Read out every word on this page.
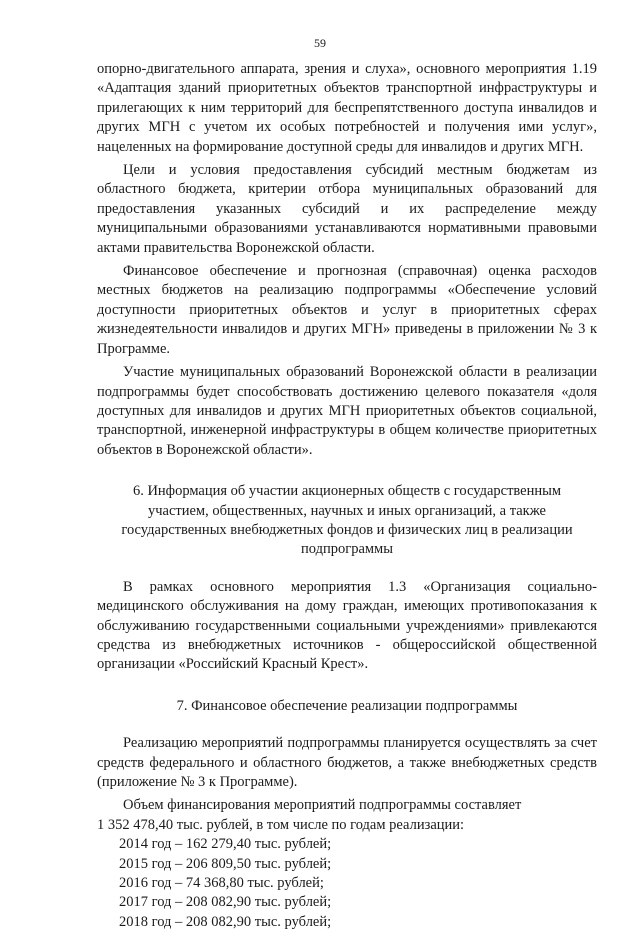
59

опорно-двигательного аппарата, зрения и слуха», основного мероприятия 1.19 «Адаптация зданий приоритетных объектов транспортной инфраструктуры и прилегающих к ним территорий для беспрепятственного доступа инвалидов и других МГН с учетом их особых потребностей и получения ими услуг», нацеленных на формирование доступной среды для инвалидов и других МГН.

Цели и условия предоставления субсидий местным бюджетам из областного бюджета, критерии отбора муниципальных образований для предоставления указанных субсидий и их распределение между муниципальными образованиями устанавливаются нормативными правовыми актами правительства Воронежской области.

Финансовое обеспечение и прогнозная (справочная) оценка расходов местных бюджетов на реализацию подпрограммы «Обеспечение условий доступности приоритетных объектов и услуг в приоритетных сферах жизнедеятельности инвалидов и других МГН» приведены в приложении № 3 к Программе.

Участие муниципальных образований Воронежской области в реализации подпрограммы будет способствовать достижению целевого показателя «доля доступных для инвалидов и других МГН приоритетных объектов социальной, транспортной, инженерной инфраструктуры в общем количестве приоритетных объектов в Воронежской области».

6. Информация об участии акционерных обществ с государственным
участием, общественных, научных и иных организаций, а также
государственных внебюджетных фондов и физических лиц в реализации
подпрограммы

В рамках основного мероприятия 1.3 «Организация социально-медицинского обслуживания на дому граждан, имеющих противопоказания к обслуживанию государственными социальными учреждениями» привлекаются средства из внебюджетных источников - общероссийской общественной организации «Российский Красный Крест».

7. Финансовое обеспечение реализации подпрограммы

Реализацию мероприятий подпрограммы планируется осуществлять за счет средств федерального и областного бюджетов, а также внебюджетных средств (приложение № 3 к Программе).

Объем финансирования мероприятий подпрограммы составляет

1 352 478,40 тыс. рублей, в том числе по годам реализации:

2014 год – 162 279,40 тыс. рублей;
2015 год – 206 809,50 тыс. рублей;
2016 год – 74 368,80 тыс. рублей;
2017 год – 208 082,90 тыс. рублей;
2018 год – 208 082,90 тыс. рублей;
